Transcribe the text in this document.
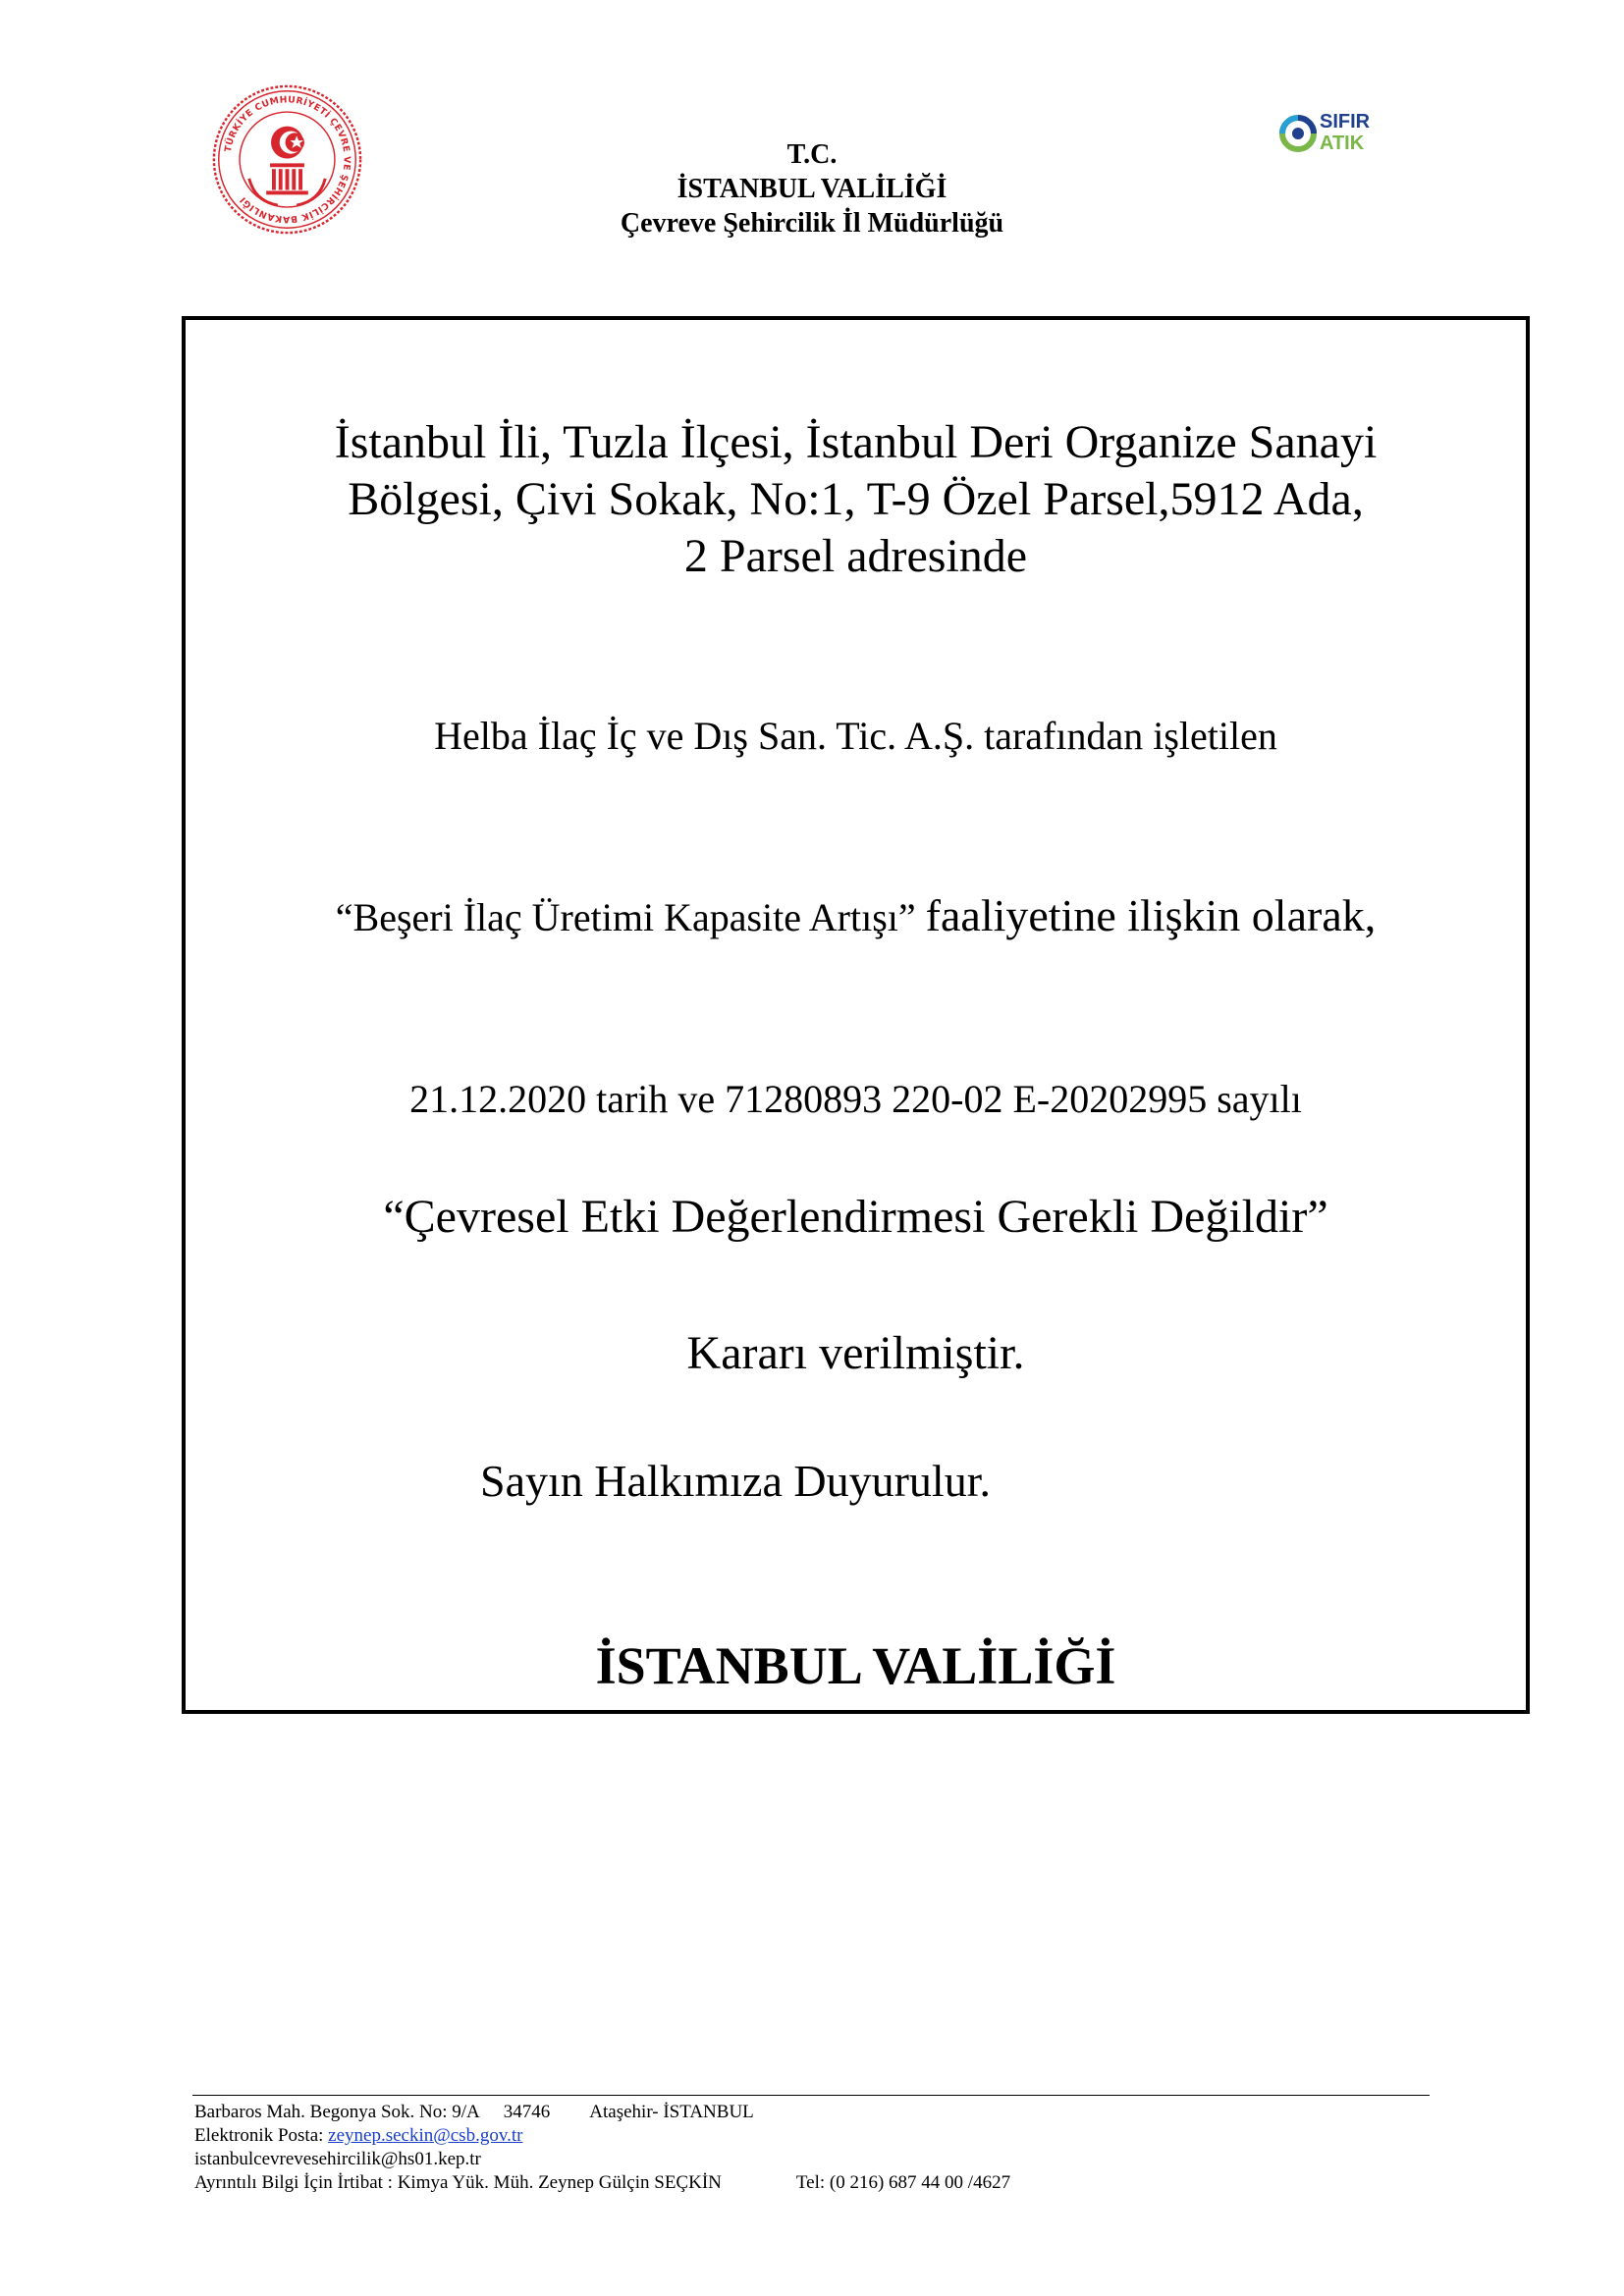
TÜRKİYE CUMHURİYETİ ÇEVRE VE ŞEHİRCİLİK BAKANLIĞI
SIFIR
ATIK
T.C.
İSTANBUL VALİLİĞİ
Çevreve Şehircilik İl Müdürlüğü
İstanbul İli, Tuzla İlçesi, İstanbul Deri Organize Sanayi
Bölgesi, Çivi Sokak, No:1, T-9 Özel Parsel,5912 Ada,
2 Parsel adresinde
Helba İlaç İç ve Dış San. Tic. A.Ş. tarafından işletilen
“Beşeri İlaç Üretimi Kapasite Artışı” faaliyetine ilişkin olarak,
21.12.2020 tarih ve 71280893 220-02 E-20202995 sayılı
“Çevresel Etki Değerlendirmesi Gerekli Değildir”
Kararı verilmiştir.
Sayın Halkımıza Duyurulur.
İSTANBUL VALİLİĞİ
Barbaros Mah. Begonya Sok. No: 9/A 34746 Ataşehir- İSTANBUL
Elektronik Posta: zeynep.seckin@csb.gov.tr
istanbulcevrevesehircilik@hs01.kep.tr
Ayrıntılı Bilgi İçin İrtibat : Kimya Yük. Müh. Zeynep Gülçin SEÇKİN	Tel: (0 216) 687 44 00 /4627
